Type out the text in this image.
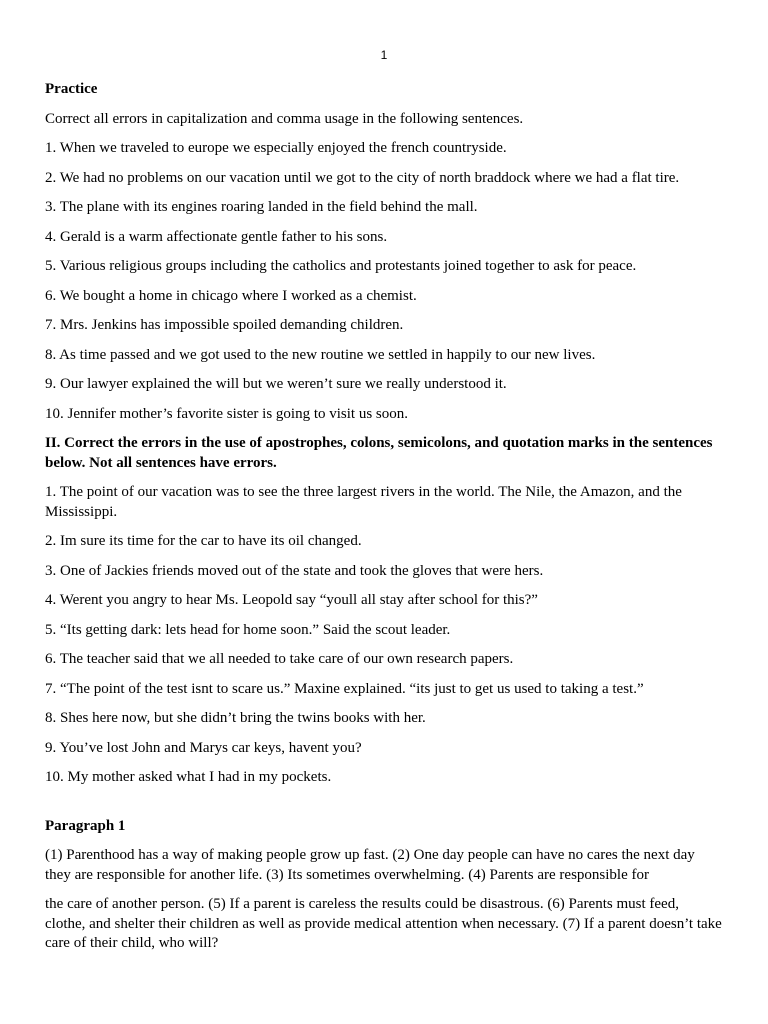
1
Practice
Correct all errors in capitalization and comma usage in the following sentences.
1. When we traveled to europe we especially enjoyed the french countryside.
2. We had no problems on our vacation until we got to the city of north braddock where we had a flat tire.
3. The plane with its engines roaring landed in the field behind the mall.
4. Gerald is a warm affectionate gentle father to his sons.
5. Various religious groups including the catholics and protestants joined together to ask for peace.
6. We bought a home in chicago where I worked as a chemist.
7. Mrs. Jenkins has impossible spoiled demanding children.
8. As time passed and we got used to the new routine we settled in happily to our new lives.
9. Our lawyer explained the will but we weren’t sure we really understood it.
10. Jennifer mother’s favorite sister is going to visit us soon.
II. Correct the errors in the use of apostrophes, colons, semicolons, and quotation marks in the sentences below. Not all sentences have errors.
1. The point of our vacation was to see the three largest rivers in the world. The Nile, the Amazon, and the Mississippi.
2. Im sure its time for the car to have its oil changed.
3. One of Jackies friends moved out of the state and took the gloves that were hers.
4. Werent you angry to hear Ms. Leopold say “youll all stay after school for this?”
5. “Its getting dark: lets head for home soon.” Said the scout leader.
6. The teacher said that we all needed to take care of our own research papers.
7. “The point of the test isnt to scare us.” Maxine explained. “its just to get us used to taking a test.”
8. Shes here now, but she didn’t bring the twins books with her.
9. You’ve lost John and Marys car keys, havent you?
10. My mother asked what I had in my pockets.
Paragraph 1
(1) Parenthood has a way of making people grow up fast. (2) One day people can have no cares the next day they are responsible for another life. (3) Its sometimes overwhelming. (4) Parents are responsible for
the care of another person. (5) If a parent is careless the results could be disastrous. (6) Parents must feed, clothe, and shelter their children as well as provide medical attention when necessary. (7) If a parent doesn’t take care of their child, who will?
